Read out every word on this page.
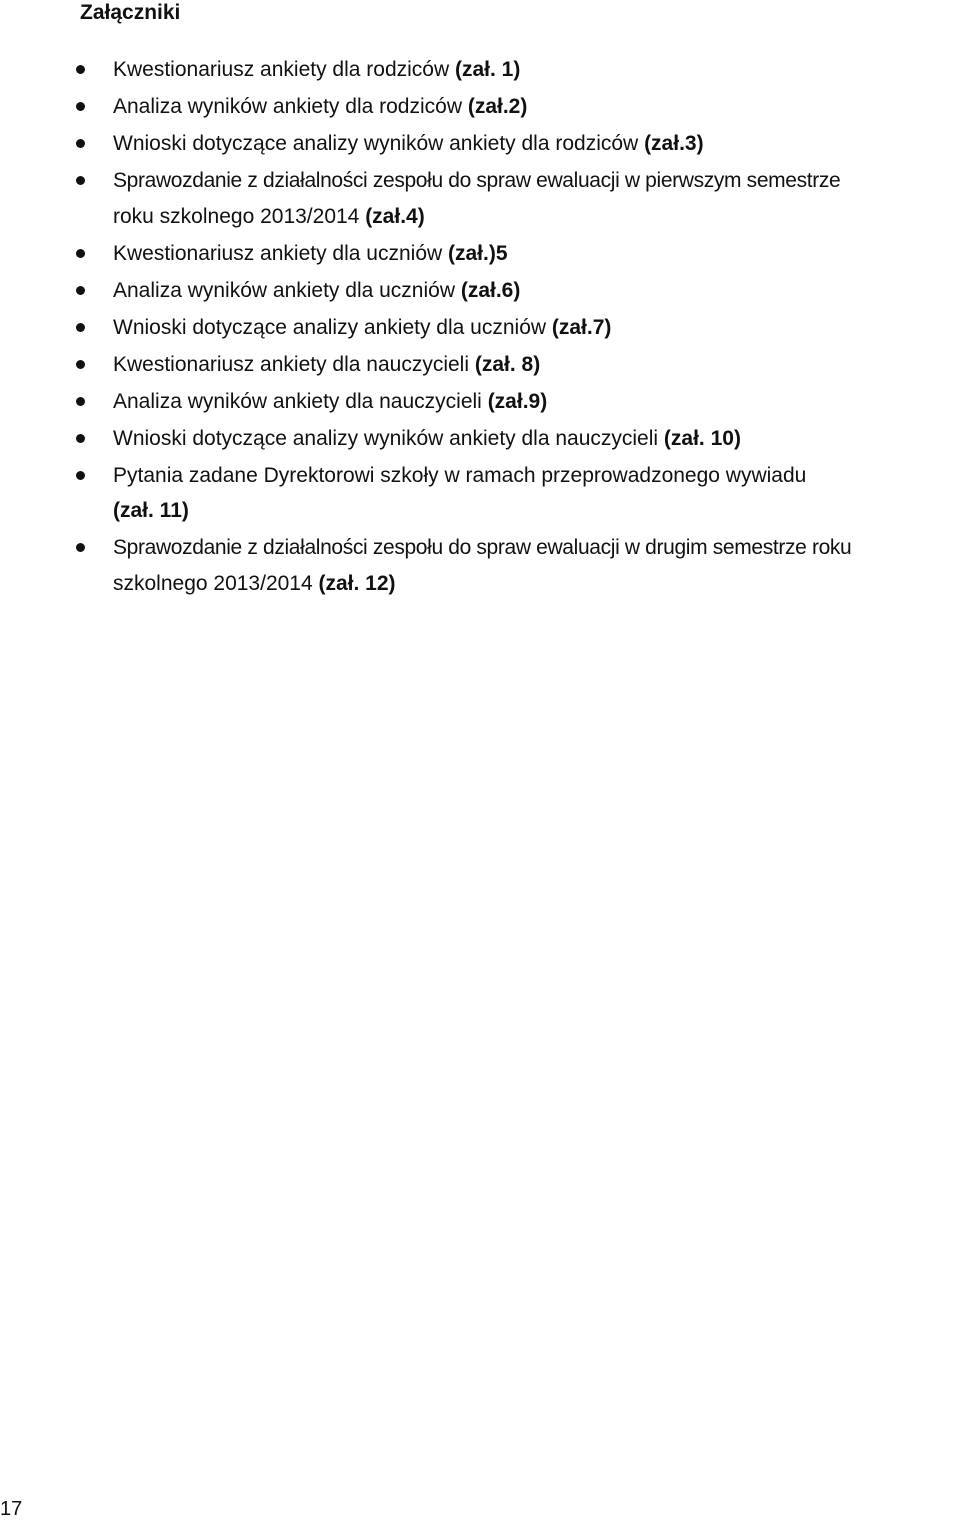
Załączniki
Kwestionariusz ankiety dla rodziców (zał. 1)
Analiza wyników ankiety dla rodziców (zał.2)
Wnioski dotyczące analizy wyników ankiety dla rodziców (zał.3)
Sprawozdanie z działalności zespołu do spraw ewaluacji w pierwszym semestrze
roku szkolnego 2013/2014 (zał.4)
Kwestionariusz ankiety dla uczniów (zał.)5
Analiza wyników ankiety dla uczniów (zał.6)
Wnioski dotyczące analizy ankiety dla uczniów (zał.7)
Kwestionariusz ankiety dla nauczycieli (zał. 8)
Analiza wyników ankiety dla nauczycieli (zał.9)
Wnioski dotyczące analizy wyników ankiety dla nauczycieli (zał. 10)
Pytania zadane Dyrektorowi szkoły w ramach przeprowadzonego wywiadu
(zał. 11)
Sprawozdanie z działalności zespołu do spraw ewaluacji w drugim semestrze roku
szkolnego 2013/2014 (zał. 12)
17
